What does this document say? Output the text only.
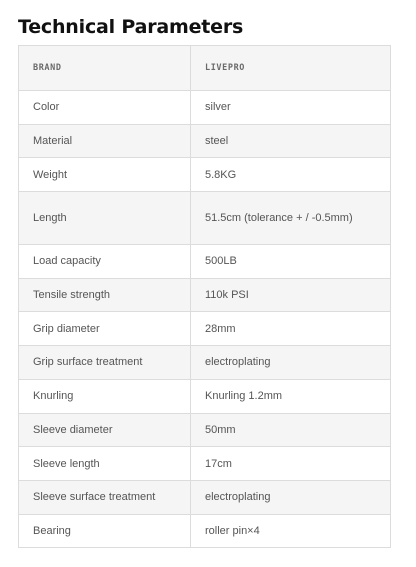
Technical Parameters
BRAND	LIVEPRO
Color	silver
Material	steel
Weight	5.8KG
Length	51.5cm (tolerance + / -0.5mm)
Load capacity	500LB
Tensile strength	110k PSI
Grip diameter	28mm
Grip surface treatment	electroplating
Knurling	Knurling 1.2mm
Sleeve diameter	50mm
Sleeve length	17cm
Sleeve surface treatment	electroplating
Bearing	roller pin×4
